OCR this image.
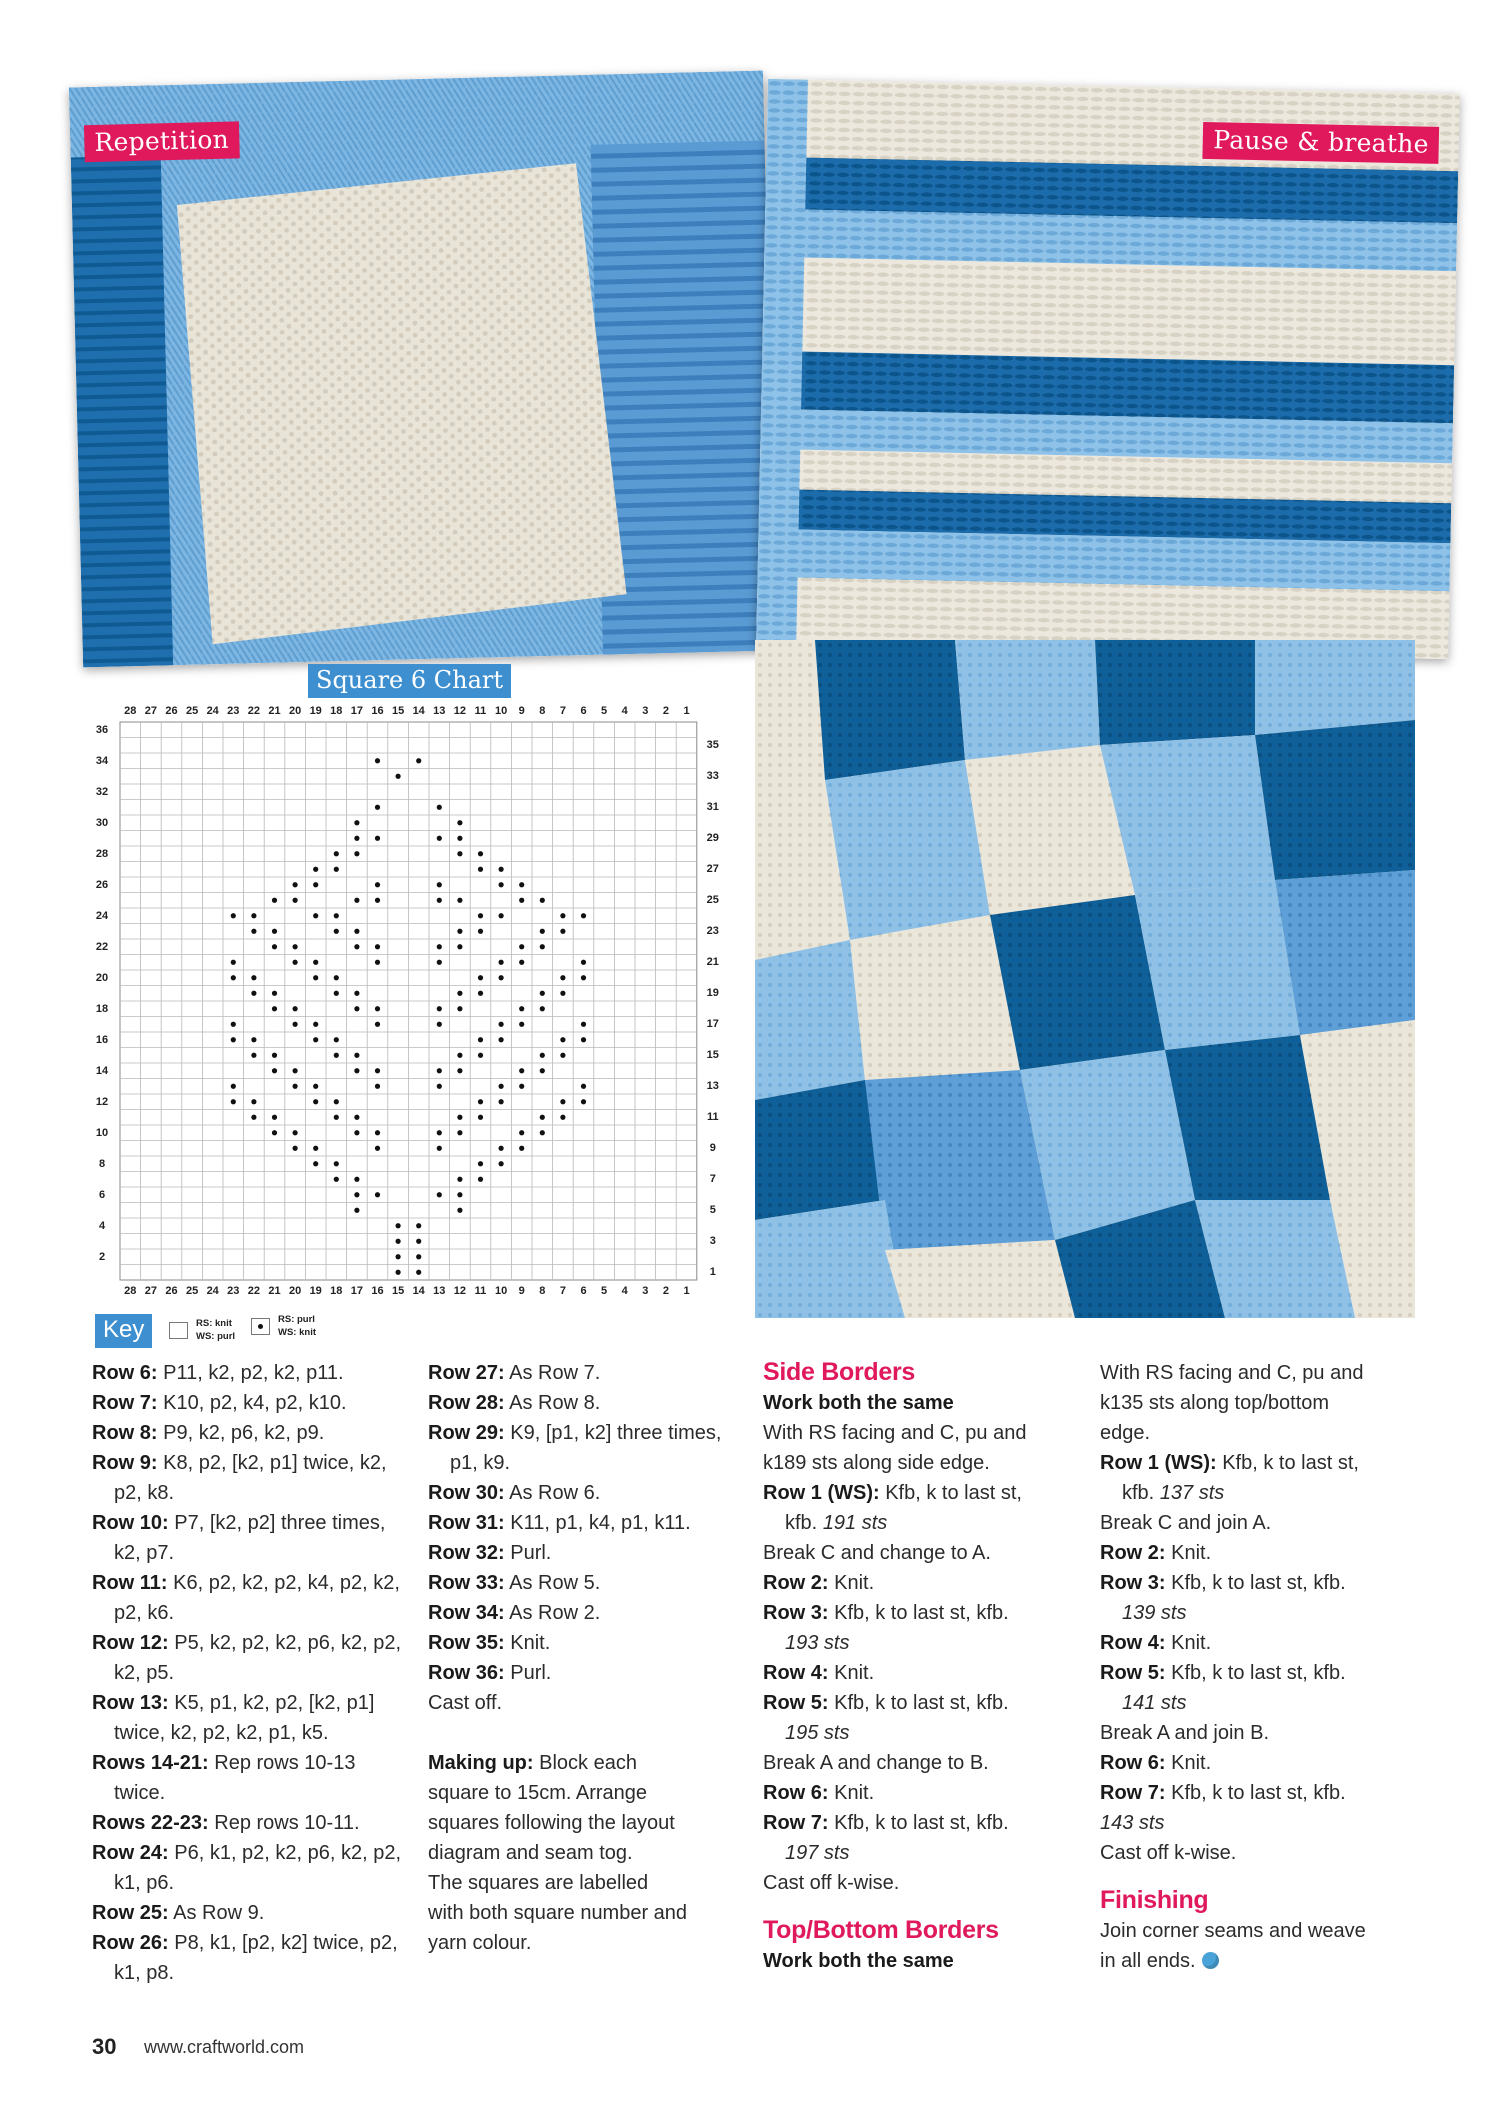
Repetition	Pause & breathe
Square 6 Chart
28
28
27
27
26
26
25
25
24
24
23
23
22
22
21
21
20
20
19
19
18
18
17
17
16
16
15
15
14
14
13
13
12
12
11
11
10
10
9
9
8
8
7
7
6
6
5
5
4
4
3
3
2
2
1
1
36
34
32
30
28
26
24
22
20
18
16
14
12
10
8
6
4
2
35
33
31
29
27
25
23
21
19
17
15
13
11
9
7
5
3
1
Key	RS: knit
WS: purl
RS: purl
WS: knit
Row 6: P11, k2, p2, k2, p11.
Row 7: K10, p2, k4, p2, k10.
Row 8: P9, k2, p6, k2, p9.
Row 9: K8, p2, [k2, p1] twice, k2, p2, k8.
Row 10: P7, [k2, p2] three times, k2, p7.
Row 11: K6, p2, k2, p2, k4, p2, k2, p2, k6.
Row 12: P5, k2, p2, k2, p6, k2, p2, k2, p5.
Row 13: K5, p1, k2, p2, [k2, p1] twice, k2, p2, k2, p1, k5.
Rows 14-21: Rep rows 10-13 twice.
Rows 22-23: Rep rows 10-11.
Row 24: P6, k1, p2, k2, p6, k2, p2, k1, p6.
Row 25: As Row 9.
Row 26: P8, k1, [p2, k2] twice, p2, k1, p8.
Row 27: As Row 7.
Row 28: As Row 8.
Row 29: K9, [p1, k2] three times, p1, k9.
Row 30: As Row 6.
Row 31: K11, p1, k4, p1, k11.
Row 32: Purl.
Row 33: As Row 5.
Row 34: As Row 2.
Row 35: Knit.
Row 36: Purl.
Cast off.
Making up: Block each
square to 15cm. Arrange
squares following the layout
diagram and seam tog.
The squares are labelled
with both square number and
yarn colour.
Side Borders
Work both the same
With RS facing and C, pu and
k189 sts along side edge.
Row 1 (WS): Kfb, k to last st,
kfb. 191 sts
Break C and change to A.
Row 2: Knit.
Row 3: Kfb, k to last st, kfb.
193 sts
Row 4: Knit.
Row 5: Kfb, k to last st, kfb.
195 sts
Break A and change to B.
Row 6: Knit.
Row 7: Kfb, k to last st, kfb.
197 sts
Cast off k-wise.
Top/Bottom Borders
Work both the same
With RS facing and C, pu and
k135 sts along top/bottom
edge.
Row 1 (WS): Kfb, k to last st,
kfb. 137 sts
Break C and join A.
Row 2: Knit.
Row 3: Kfb, k to last st, kfb.
139 sts
Row 4: Knit.
Row 5: Kfb, k to last st, kfb.
141 sts
Break A and join B.
Row 6: Knit.
Row 7: Kfb, k to last st, kfb.
143 sts
Cast off k-wise.
Finishing
Join corner seams and weave
in all ends.
30 www.craftworld.com
